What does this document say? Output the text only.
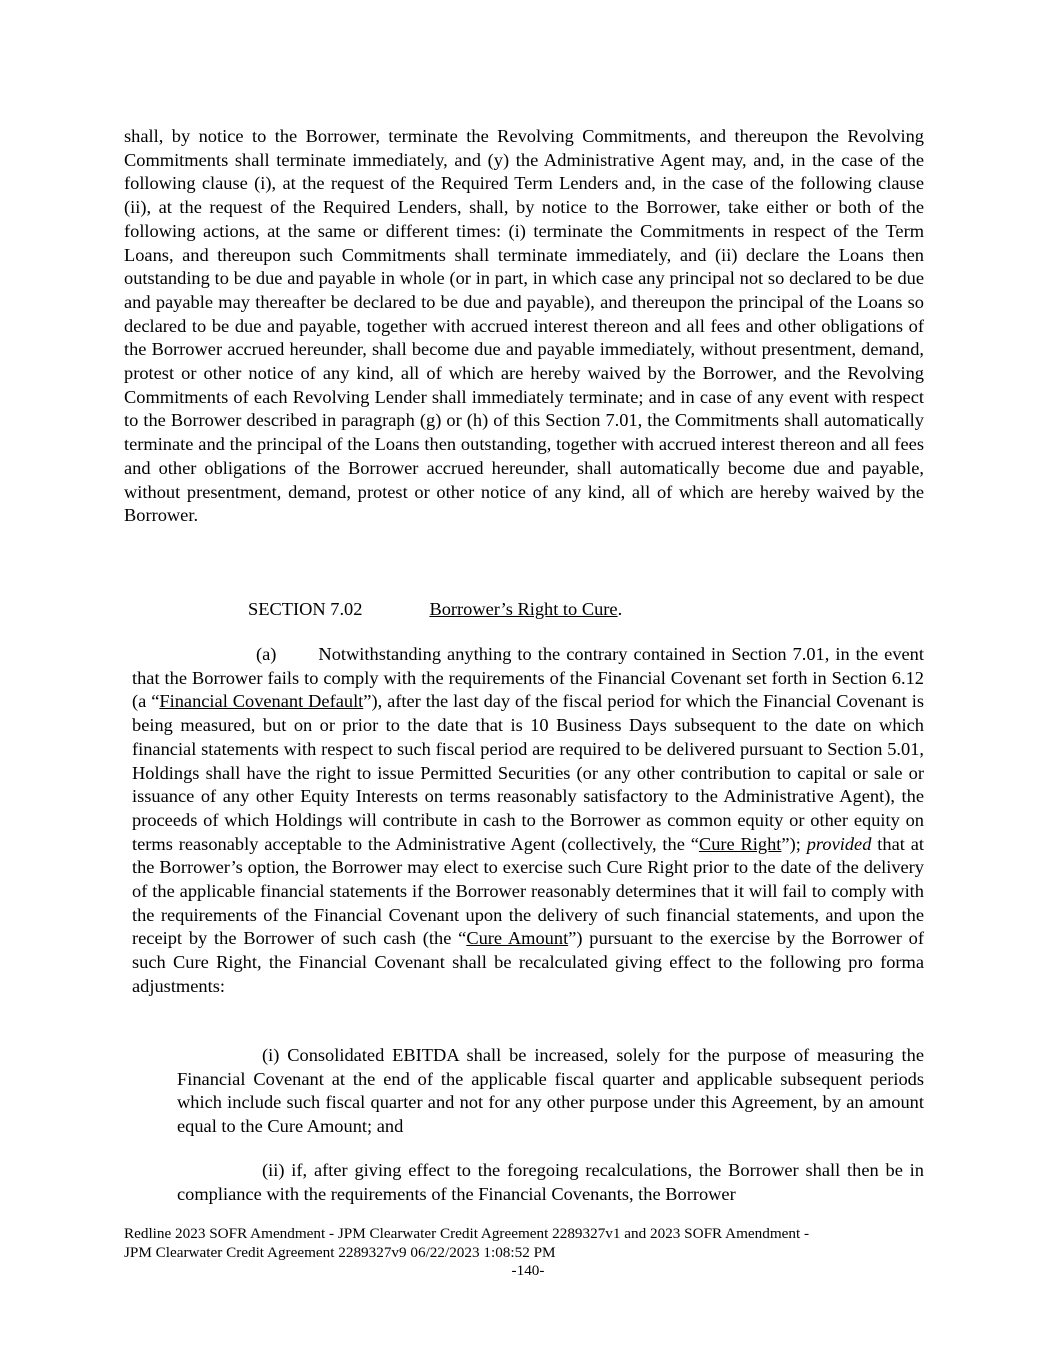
shall, by notice to the Borrower, terminate the Revolving Commitments, and thereupon the Revolving Commitments shall terminate immediately, and (y) the Administrative Agent may, and, in the case of the following clause (i), at the request of the Required Term Lenders and, in the case of the following clause (ii), at the request of the Required Lenders, shall, by notice to the Borrower, take either or both of the following actions, at the same or different times: (i) terminate the Commitments in respect of the Term Loans, and thereupon such Commitments shall terminate immediately, and (ii) declare the Loans then outstanding to be due and payable in whole (or in part, in which case any principal not so declared to be due and payable may thereafter be declared to be due and payable), and thereupon the principal of the Loans so declared to be due and payable, together with accrued interest thereon and all fees and other obligations of the Borrower accrued hereunder, shall become due and payable immediately, without presentment, demand, protest or other notice of any kind, all of which are hereby waived by the Borrower, and the Revolving Commitments of each Revolving Lender shall immediately terminate; and in case of any event with respect to the Borrower described in paragraph (g) or (h) of this Section 7.01, the Commitments shall automatically terminate and the principal of the Loans then outstanding, together with accrued interest thereon and all fees and other obligations of the Borrower accrued hereunder, shall automatically become due and payable, without presentment, demand, protest or other notice of any kind, all of which are hereby waived by the Borrower.

SECTION 7.02	Borrower’s Right to Cure.

(a) Notwithstanding anything to the contrary contained in Section 7.01, in the event that the Borrower fails to comply with the requirements of the Financial Covenant set forth in Section 6.12 (a “Financial Covenant Default”), after the last day of the fiscal period for which the Financial Covenant is being measured, but on or prior to the date that is 10 Business Days subsequent to the date on which financial statements with respect to such fiscal period are required to be delivered pursuant to Section 5.01, Holdings shall have the right to issue Permitted Securities (or any other contribution to capital or sale or issuance of any other Equity Interests on terms reasonably satisfactory to the Administrative Agent), the proceeds of which Holdings will contribute in cash to the Borrower as common equity or other equity on terms reasonably acceptable to the Administrative Agent (collectively, the “Cure Right”); provided that at the Borrower’s option, the Borrower may elect to exercise such Cure Right prior to the date of the delivery of the applicable financial statements if the Borrower reasonably determines that it will fail to comply with the requirements of the Financial Covenant upon the delivery of such financial statements, and upon the receipt by the Borrower of such cash (the “Cure Amount”) pursuant to the exercise by the Borrower of such Cure Right, the Financial Covenant shall be recalculated giving effect to the following pro forma adjustments:

(i) Consolidated EBITDA shall be increased, solely for the purpose of measuring the Financial Covenant at the end of the applicable fiscal quarter and applicable subsequent periods which include such fiscal quarter and not for any other purpose under this Agreement, by an amount equal to the Cure Amount; and

(ii) if, after giving effect to the foregoing recalculations, the Borrower shall then be in compliance with the requirements of the Financial Covenants, the Borrower

Redline 2023 SOFR Amendment - JPM Clearwater Credit Agreement 2289327v1 and 2023 SOFR Amendment -
JPM Clearwater Credit Agreement 2289327v9 06/22/2023 1:08:52 PM
-140-
